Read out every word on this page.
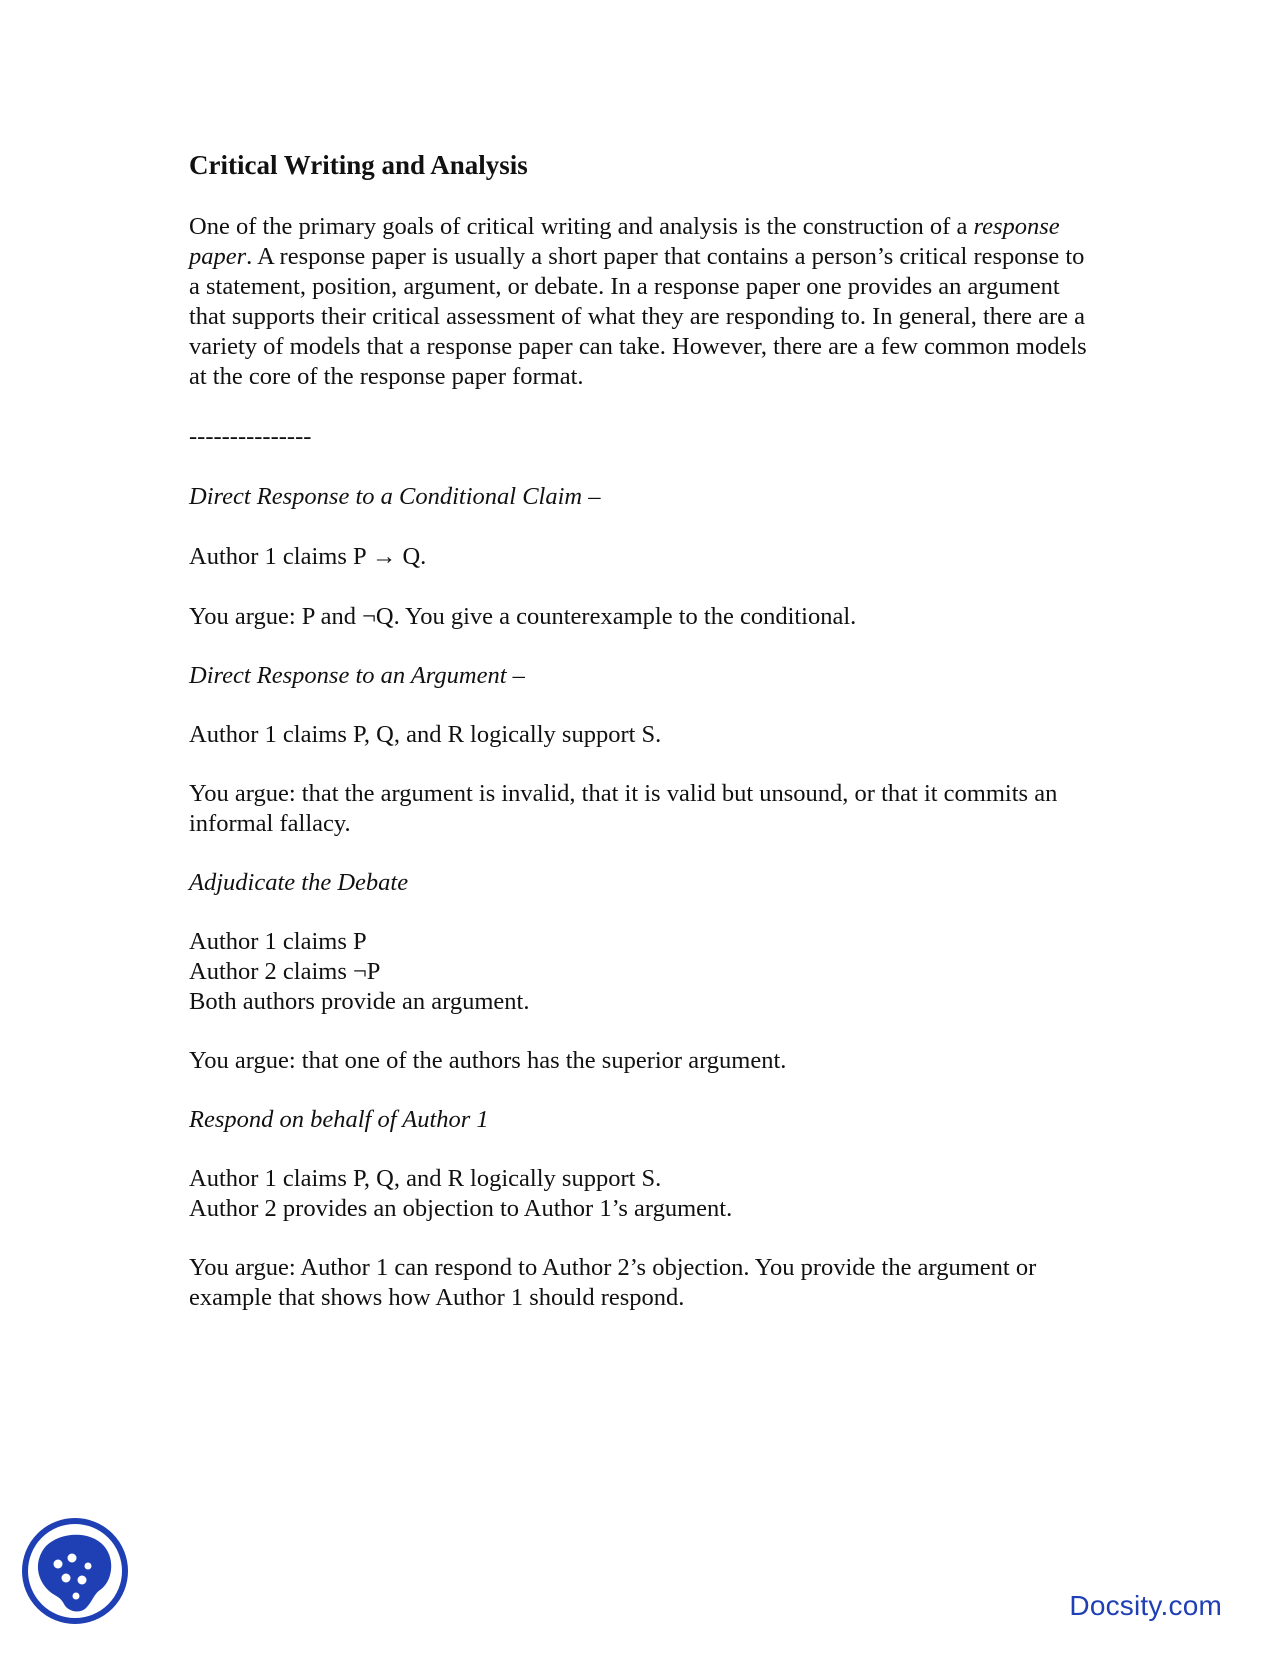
Critical Writing and Analysis

One of the primary goals of critical writing and analysis is the construction of a response paper. A response paper is usually a short paper that contains a person’s critical response to a statement, position, argument, or debate. In a response paper one provides an argument that supports their critical assessment of what they are responding to. In general, there are a variety of models that a response paper can take. However, there are a few common models at the core of the response paper format.

---------------

Direct Response to a Conditional Claim –

Author 1 claims P → Q.

You argue: P and ¬Q. You give a counterexample to the conditional.

Direct Response to an Argument –

Author 1 claims P, Q, and R logically support S.

You argue: that the argument is invalid, that it is valid but unsound, or that it commits an informal fallacy.

Adjudicate the Debate

Author 1 claims P

Author 2 claims ¬P

Both authors provide an argument.

You argue: that one of the authors has the superior argument.

Respond on behalf of Author 1

Author 1 claims P, Q, and R logically support S.

Author 2 provides an objection to Author 1’s argument.

You argue: Author 1 can respond to Author 2’s objection. You provide the argument or example that shows how Author 1 should respond.

Docsity.com
